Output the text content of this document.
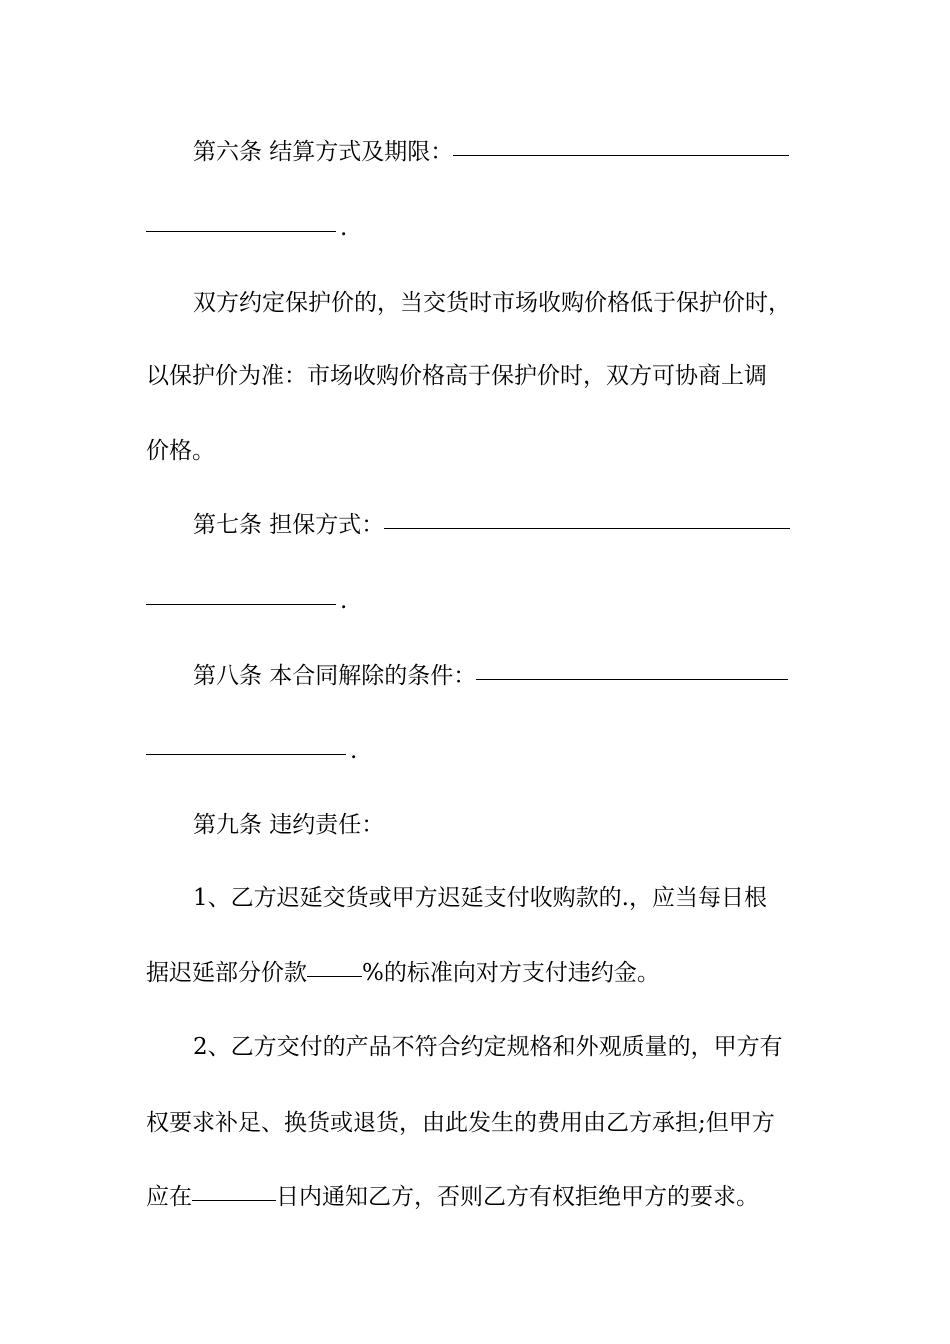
第六条 结算方式及期限：
.
双方约定保护价的，当交货时市场收购价格低于保护价时，
以保护价为准：市场收购价格高于保护价时，双方可协商上调
价格。
第七条 担保方式：
.
第八条 本合同解除的条件：
.
第九条 违约责任：
1、乙方迟延交货或甲方迟延支付收购款的.，应当每日根
据迟延部分价款 %的标准向对方支付违约金。
2、乙方交付的产品不符合约定规格和外观质量的，甲方有
权要求补足、换货或退货，由此发生的费用由乙方承担;但甲方
应在	日内通知乙方，否则乙方有权拒绝甲方的要求。
